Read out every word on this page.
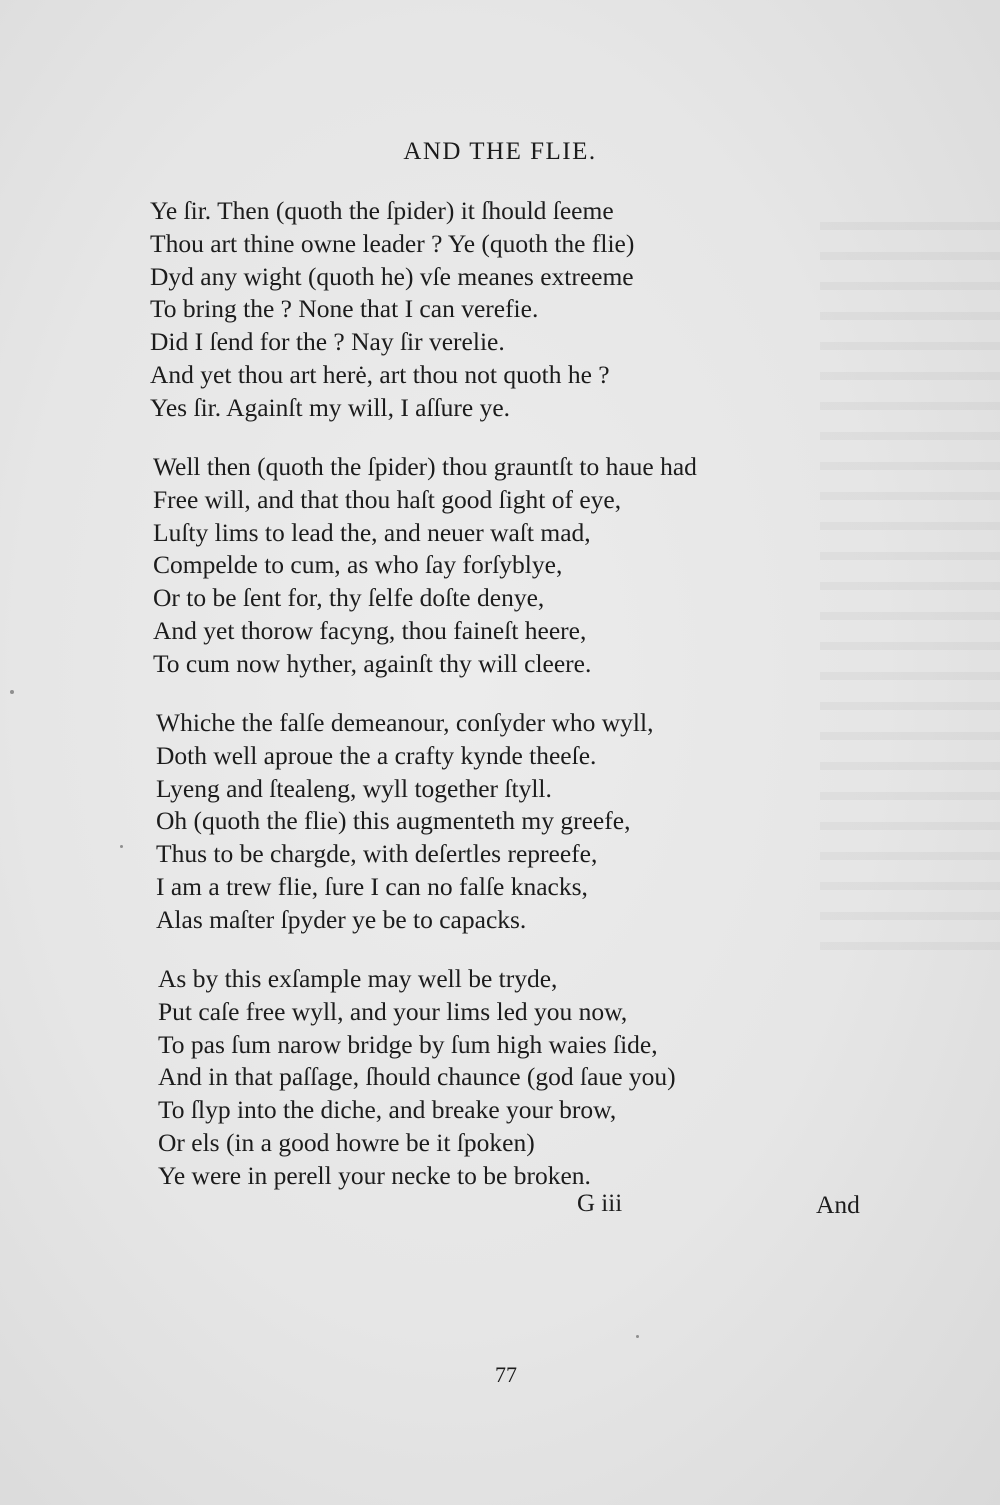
AND THE FLIE.
Ye ſir. Then (quoth the ſpider) it ſhould ſeeme
Thou art thine owne leader ? Ye (quoth the flie)
Dyd any wight (quoth he) vſe meanes extreeme
To bring the ? None that I can verefie.
Did I ſend for the ? Nay ſir verelie.
And yet thou art herė, art thou not quoth he ?
Yes ſir. Againſt my will, I aſſure ye.
Well then (quoth the ſpider) thou grauntſt to haue had
Free will, and that thou haſt good ſight of eye,
Luſty lims to lead the, and neuer waſt mad,
Compelde to cum, as who ſay forſyblye,
Or to be ſent for, thy ſelfe doſte denye,
And yet thorow facyng, thou faineſt heere,
To cum now hyther, againſt thy will cleere.
Whiche the falſe demeanour, conſyder who wyll,
Doth well aproue the a crafty kynde theeſe.
Lyeng and ſtealeng, wyll together ſtyll.
Oh (quoth the flie) this augmenteth my greefe,
Thus to be chargde, with deſertles repreefe,
I am a trew flie, ſure I can no falſe knacks,
Alas maſter ſpyder ye be to capacks.
As by this exſample may well be tryde,
Put caſe free wyll, and your lims led you now,
To pas ſum narow bridge by ſum high waies ſide,
And in that paſſage, ſhould chaunce (god ſaue you)
To ſlyp into the diche, and breake your brow,
Or els (in a good howre be it ſpoken)
Ye were in perell your necke to be broken.
G iii	And
77
